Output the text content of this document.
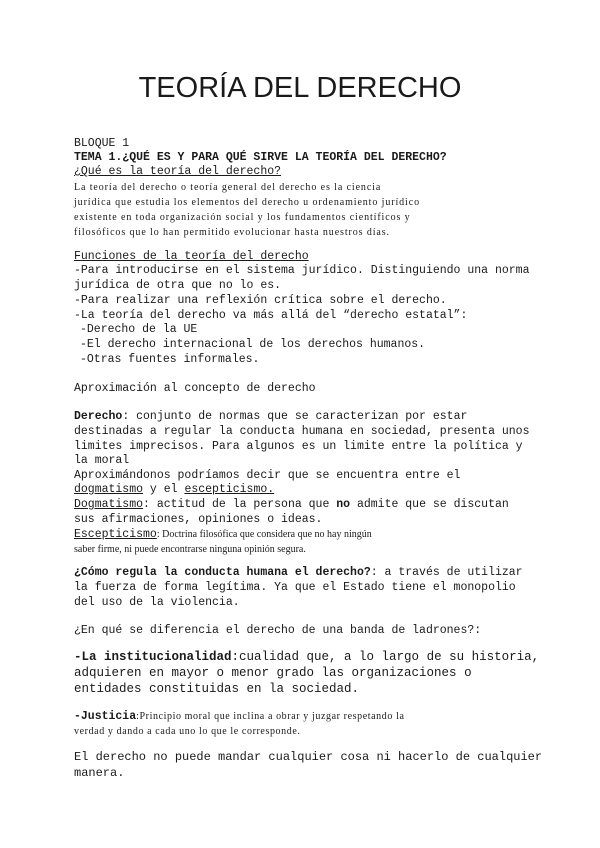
TEORÍA DEL DERECHO
BLOQUE 1
TEMA 1.¿QUÉ ES Y PARA QUÉ SIRVE LA TEORÍA DEL DERECHO?
¿Qué es la teoría del derecho?
La teoría del derecho o teoría general del derecho es la ciencia
jurídica que estudia los elementos del derecho u ordenamiento jurídico
existente en toda organización social y los fundamentos científicos y
filosóficos que lo han permitido evolucionar hasta nuestros días.
Funciones de la teoría del derecho
-Para introducirse en el sistema jurídico. Distinguiendo una norma
jurídica de otra que no lo es.
-Para realizar una reflexión crítica sobre el derecho.
-La teoría del derecho va más allá del “derecho estatal”:
-Derecho de la UE
-El derecho internacional de los derechos humanos.
-Otras fuentes informales.
Aproximación al concepto de derecho
Derecho: conjunto de normas que se caracterizan por estar
destinadas a regular la conducta humana en sociedad, presenta unos
limites imprecisos. Para algunos es un limite entre la política y
la moral
Aproximándonos podríamos decir que se encuentra entre el
dogmatismo y el escepticismo.
Dogmatismo: actitud de la persona que no admite que se discutan
sus afirmaciones, opiniones o ideas.
Escepticismo: Doctrina filosófica que considera que no hay ningún
saber firme, ni puede encontrarse ninguna opinión segura.
¿Cómo regula la conducta humana el derecho?: a través de utilizar
la fuerza de forma legítima. Ya que el Estado tiene el monopolio
del uso de la violencia.
¿En qué se diferencia el derecho de una banda de ladrones?:
-La institucionalidad:cualidad que, a lo largo de su historia,
adquieren en mayor o menor grado las organizaciones o
entidades constituidas en la sociedad.
-Justicia:Principio moral que inclina a obrar y juzgar respetando la
verdad y dando a cada uno lo que le corresponde.
El derecho no puede mandar cualquier cosa ni hacerlo de cualquier
manera.
